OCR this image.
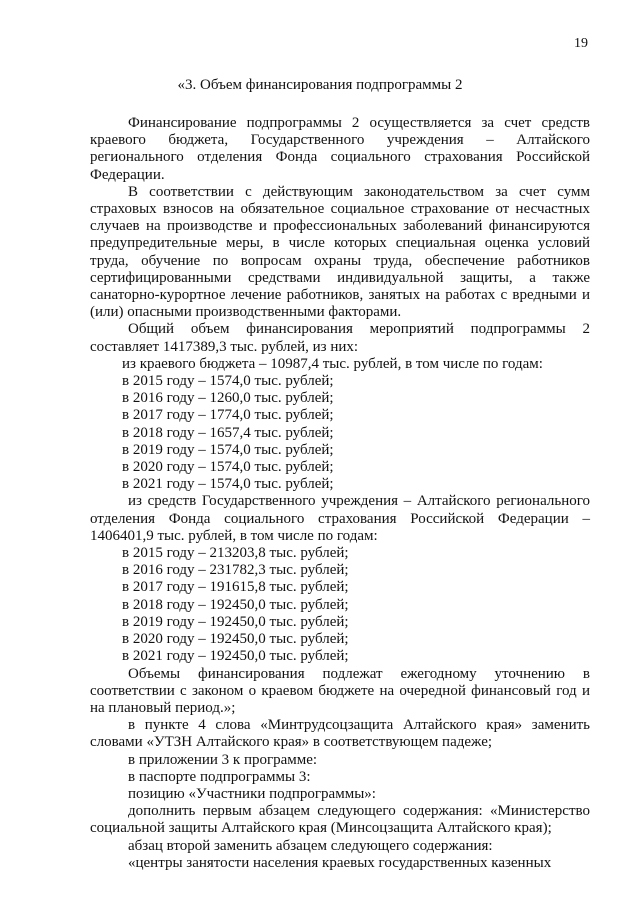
19
«3. Объем финансирования подпрограммы 2

Финансирование подпрограммы 2 осуществляется за счет средств краевого бюджета, Государственного учреждения – Алтайского регионального отделения Фонда социального страхования Российской Федерации.

В соответствии с действующим законодательством за счет сумм страховых взносов на обязательное социальное страхование от несчастных случаев на производстве и профессиональных заболеваний финансируются предупредительные меры, в числе которых специальная оценка условий труда, обучение по вопросам охраны труда, обеспечение работников сертифицированными средствами индивидуальной защиты, а также санаторно-курортное лечение работников, занятых на работах с вредными и (или) опасными производственными факторами.

Общий объем финансирования мероприятий подпрограммы 2 составляет 1417389,3 тыс. рублей, из них:

из краевого бюджета – 10987,4 тыс. рублей, в том числе по годам:

в 2015 году – 1574,0 тыс. рублей;

в 2016 году – 1260,0 тыс. рублей;

в 2017 году – 1774,0 тыс. рублей;

в 2018 году – 1657,4 тыс. рублей;

в 2019 году – 1574,0 тыс. рублей;

в 2020 году – 1574,0 тыс. рублей;

в 2021 году – 1574,0 тыс. рублей;

из средств Государственного учреждения – Алтайского регионального отделения Фонда социального страхования Российской Федерации – 1406401,9 тыс. рублей, в том числе по годам:

в 2015 году – 213203,8 тыс. рублей;

в 2016 году – 231782,3 тыс. рублей;

в 2017 году – 191615,8 тыс. рублей;

в 2018 году – 192450,0 тыс. рублей;

в 2019 году – 192450,0 тыс. рублей;

в 2020 году – 192450,0 тыс. рублей;

в 2021 году – 192450,0 тыс. рублей;

Объемы финансирования подлежат ежегодному уточнению в соответствии с законом о краевом бюджете на очередной финансовый год и на плановый период.»;

в пункте 4 слова «Минтрудсоцзащита Алтайского края» заменить словами «УТЗН Алтайского края» в соответствующем падеже;

в приложении 3 к программе:

в паспорте подпрограммы 3:

позицию «Участники подпрограммы»:

дополнить первым абзацем следующего содержания: «Министерство социальной защиты Алтайского края (Минсоцзащита Алтайского края);

абзац второй заменить абзацем следующего содержания:

«центры занятости населения краевых государственных казенных
